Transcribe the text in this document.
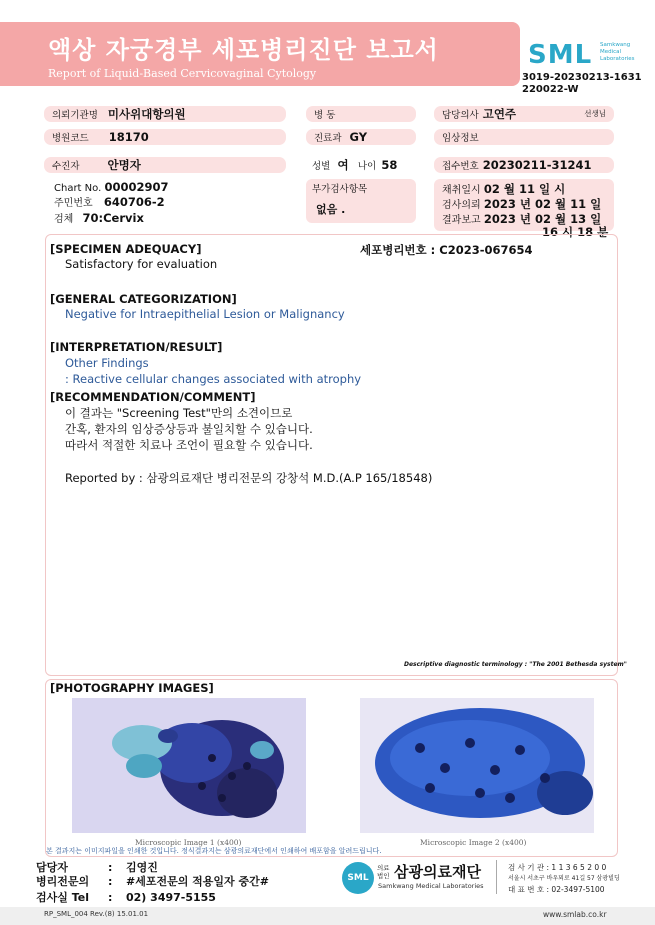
액상 자궁경부 세포병리진단 보고서
Report of Liquid-Based Cervicovaginal Cytology
SML Samkwang Medical Laboratories
3019-20230213-1631
220022-W
의뢰기관명 미사위대항의원	병 동	담당의사 고연주	선생님
병원코드 18170	진료과 GY	임상정보
수진자 안명자	성별 여 나이 58	접수번호 20230211-31241
Chart No. 00002907
주민번호 640706-2
검체 70:Cervix
부가검사항목
없음 .
채취일시 02 월 11 일 시
검사의뢰 2023 년 02 월 11 일
결과보고 2023 년 02 월 13 일
16 시 18 분
[SPECIMEN ADEQUACY]	세포병리번호 : C2023-067654
Satisfactory for evaluation
[GENERAL CATEGORIZATION]
Negative for Intraepithelial Lesion or Malignancy
[INTERPRETATION/RESULT]
Other Findings
: Reactive cellular changes associated with atrophy
[RECOMMENDATION/COMMENT]
이 결과는 "Screening Test"만의 소견이므로
간혹, 환자의 임상증상등과 불일치할 수 있습니다.
따라서 적절한 치료나 조언이 필요할 수 있습니다.
Reported by : 삼광의료재단 병리전문의 강창석 M.D.(A.P 165/18548)
Descriptive diagnostic terminology : "The 2001 Bethesda system"
[PHOTOGRAPHY IMAGES]
Microscopic Image 1 (x400)	Microscopic Image 2 (x400)
본 결과지는 이미지파일을 인쇄한 것입니다. 정식결과지는 삼광의료재단에서 인쇄하여 배포함을 알려드립니다.
담당자	: 김영진
병리전문의 : #세포전문의 적용일자 중간#
검사실 Tel : 02) 3497-5155
SML
의료
법인 삼광의료재단
Samkwang Medical Laboratories
검 사 기 관 : 1 1 3 6 5 2 0 0
서울시 서초구 바우뫼로 41길 57 삼광빌딩
대 표 번 호 : 02-3497-5100
RP_SML_004 Rev.(8) 15.01.01	www.smlab.co.kr
